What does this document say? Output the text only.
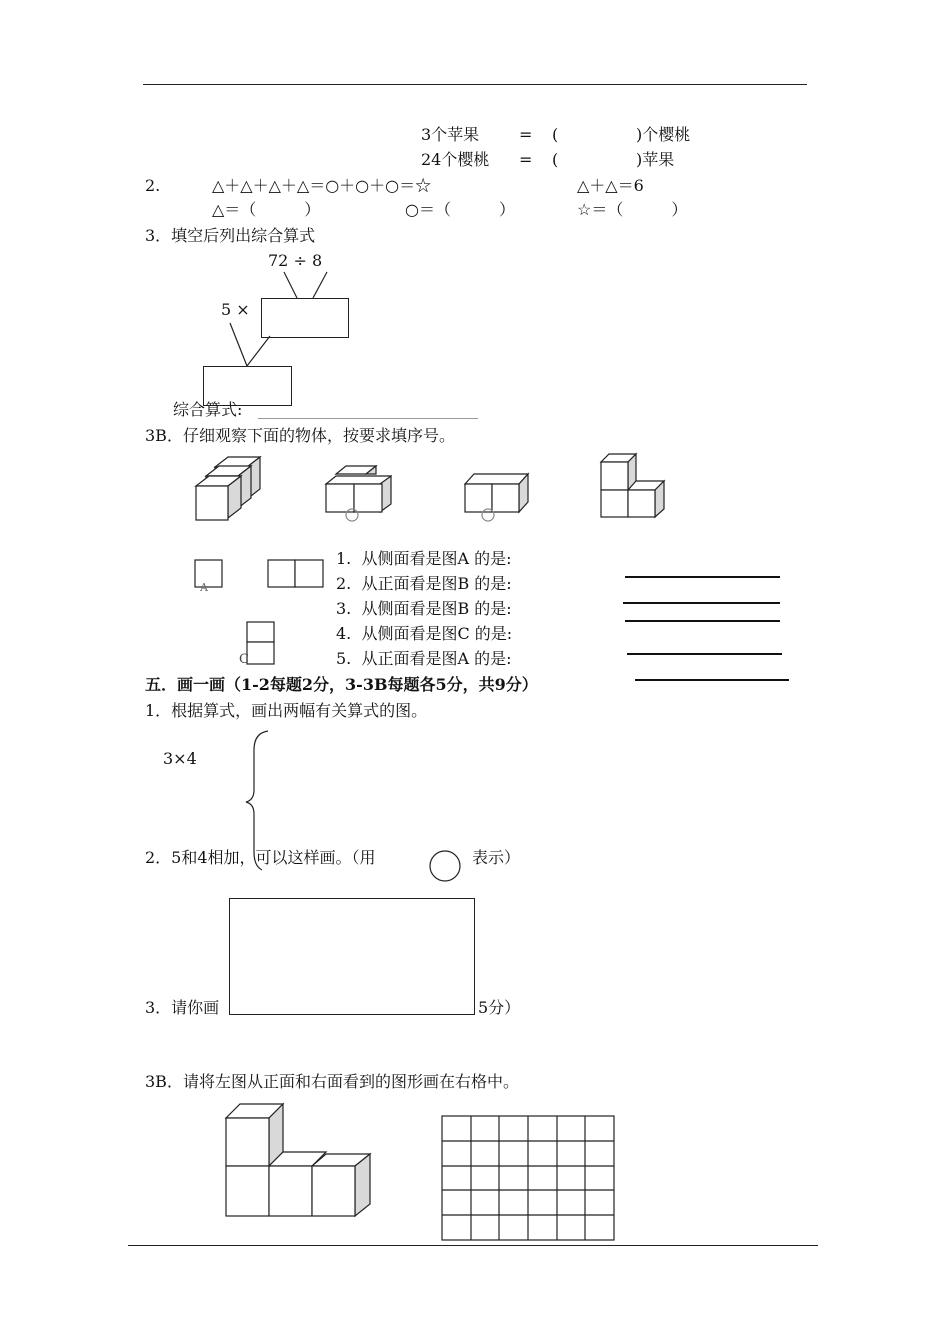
3个苹果 = (	)个樱桃
24个樱桃 = (	)苹果
2.	△＋△＋△＋△＝○＋○＋○＝☆	△＋△＝6
△＝（　　　）	○＝（　　　）	☆＝（　　　）
3．填空后列出综合算式
72 ÷ 8
5 ×
综合算式:
3B．仔细观察下面的物体，按要求填序号。
A
C
1.  从侧面看是图A 的是:
2.  从正面看是图B 的是:
3.  从侧面看是图B 的是:
4.  从侧面看是图C 的是:
5.  从正面看是图A 的是:
五．画一画（1-2每题2分，3-3B每题各5分，共9分）
1．根据算式，画出两幅有关算式的图。
3×4
2．5和4相加，可以这样画。（用	表示）
3．请你画	5分）
3B．请将左图从正面和右面看到的图形画在右格中。
